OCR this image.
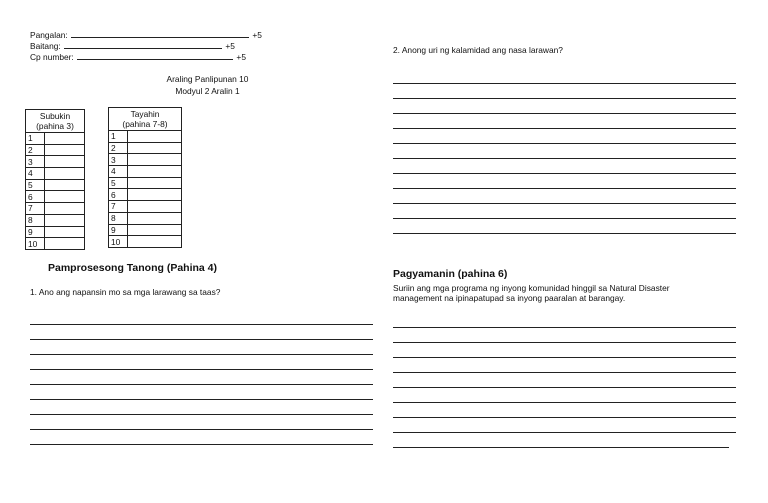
Pangalan:	+5
Baitang:	+5
Cp number:	+5
Araling Panlipunan 10
Modyul 2 Aralin 1
Subukin
(pahina 3)	
1	
2	
3	
4	
5	
6	
7	
8	
9	
10	
Tayahin
(pahina 7-8)	
1	
2	
3	
4	
5	
6	
7	
8	
9	
10	
Pamprosesong Tanong (Pahina 4)
1. Ano ang napansin mo sa mga larawang sa taas?
2. Anong uri ng kalamidad ang nasa larawan?
Pagyamanin (pahina 6)
Suriin ang mga programa ng inyong komunidad hinggil sa Natural Disaster
management na ipinapatupad sa inyong paaralan at barangay.
